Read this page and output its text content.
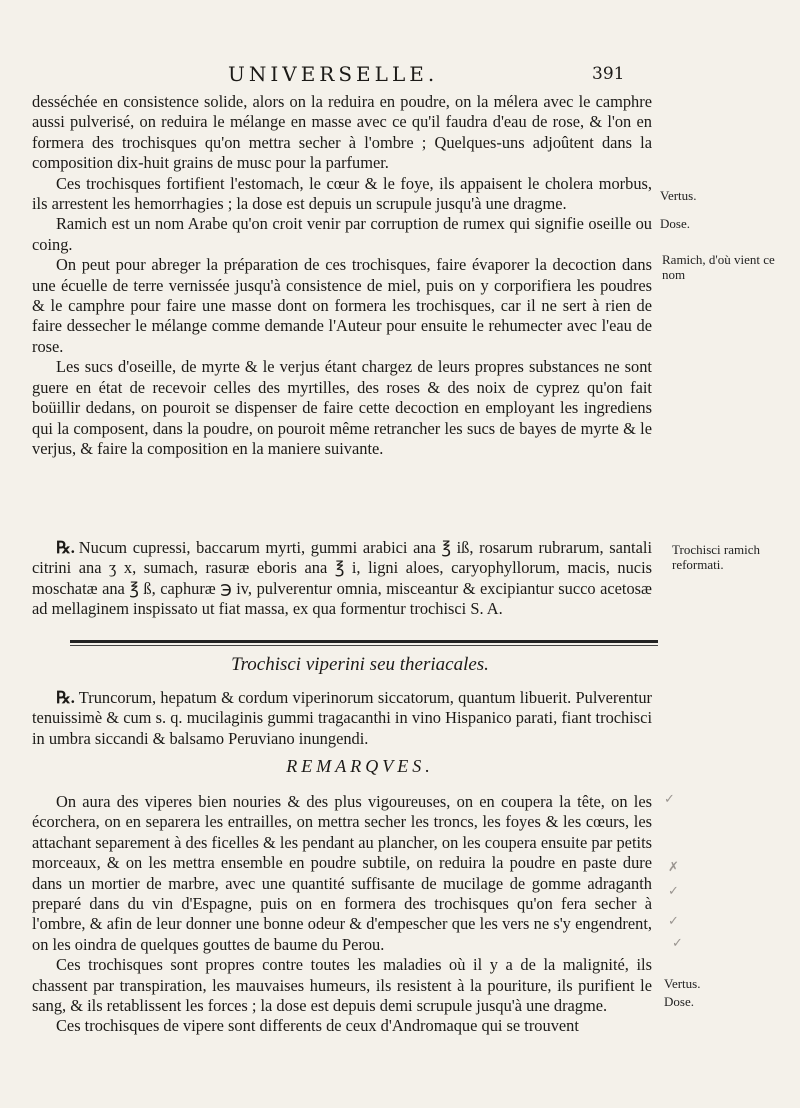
UNIVERSELLE.	391

desséchée en consistence solide, alors on la reduira en poudre, on la mélera avec le camphre aussi pulverisé, on reduira le mélange en masse avec ce qu'il faudra d'eau de rose, & l'on en formera des trochisques qu'on mettra secher à l'ombre ; Quelques-uns adjoûtent dans la composition dix-huit grains de musc pour la parfumer.

Ces trochisques fortifient l'estomach, le cœur & le foye, ils appaisent le cholera morbus, ils arrestent les hemorrhagies ; la dose est depuis un scrupule jusqu'à une dragme.

Ramich est un nom Arabe qu'on croit venir par corruption de rumex qui signifie oseille ou coing.

On peut pour abreger la préparation de ces trochisques, faire évaporer la decoction dans une écuelle de terre vernissée jusqu'à consistence de miel, puis on y corporifiera les poudres & le camphre pour faire une masse dont on formera les trochisques, car il ne sert à rien de faire dessecher le mélange comme demande l'Auteur pour ensuite le rehumecter avec l'eau de rose.

Les sucs d'oseille, de myrte & le verjus étant chargez de leurs propres substances ne sont guere en état de recevoir celles des myrtilles, des roses & des noix de cyprez qu'on fait boüillir dedans, on pouroit se dispenser de faire cette decoction en employant les ingrediens qui la composent, dans la poudre, on pouroit même retrancher les sucs de bayes de myrte & le verjus, & faire la composition en la maniere suivante.

℞. Nucum cupressi, baccarum myrti, gummi arabici ana ℥ iß, rosarum rubrarum, santali citrini ana ʒ x, sumach, rasuræ eboris ana ℥ i, ligni aloes, caryophyllorum, macis, nucis moschatæ ana ℥ ß, caphuræ ℈ iv, pulverentur omnia, misceantur & excipiantur succo acetosæ ad mellaginem inspissato ut fiat massa, ex qua formentur trochisci S. A.

Trochisci viperini seu theriacales.

℞. Truncorum, hepatum & cordum viperinorum siccatorum, quantum libuerit. Pulverentur tenuissimè & cum s. q. mucilaginis gummi tragacanthi in vino Hispanico parati, fiant trochisci in umbra siccandi & balsamo Peruviano inungendi.

REMARQVES.

On aura des viperes bien nouries & des plus vigoureuses, on en coupera la tête, on les écorchera, on en separera les entrailles, on mettra secher les troncs, les foyes & les cœurs, les attachant separement à des ficelles & les pendant au plancher, on les coupera ensuite par petits morceaux, & on les mettra ensemble en poudre subtile, on reduira la poudre en paste dure dans un mortier de marbre, avec une quantité suffisante de mucilage de gomme adraganth preparé dans du vin d'Espagne, puis on en formera des trochisques qu'on fera secher à l'ombre, & afin de leur donner une bonne odeur & d'empescher que les vers ne s'y engendrent, on les oindra de quelques gouttes de baume du Perou.

Ces trochisques sont propres contre toutes les maladies où il y a de la malignité, ils chassent par transpiration, les mauvaises humeurs, ils resistent à la pouriture, ils purifient le sang, & ils retablissent les forces ; la dose est depuis demi scrupule jusqu'à une dragme.

Ces trochisques de vipere sont differents de ceux d'Andromaque qui se trouvent

Vertus.
Dose.
Ramich, d'où vient ce nom
Trochisci ramich reformati.
Vertus.
Dose.
✓
✗
✓
✓
✓
